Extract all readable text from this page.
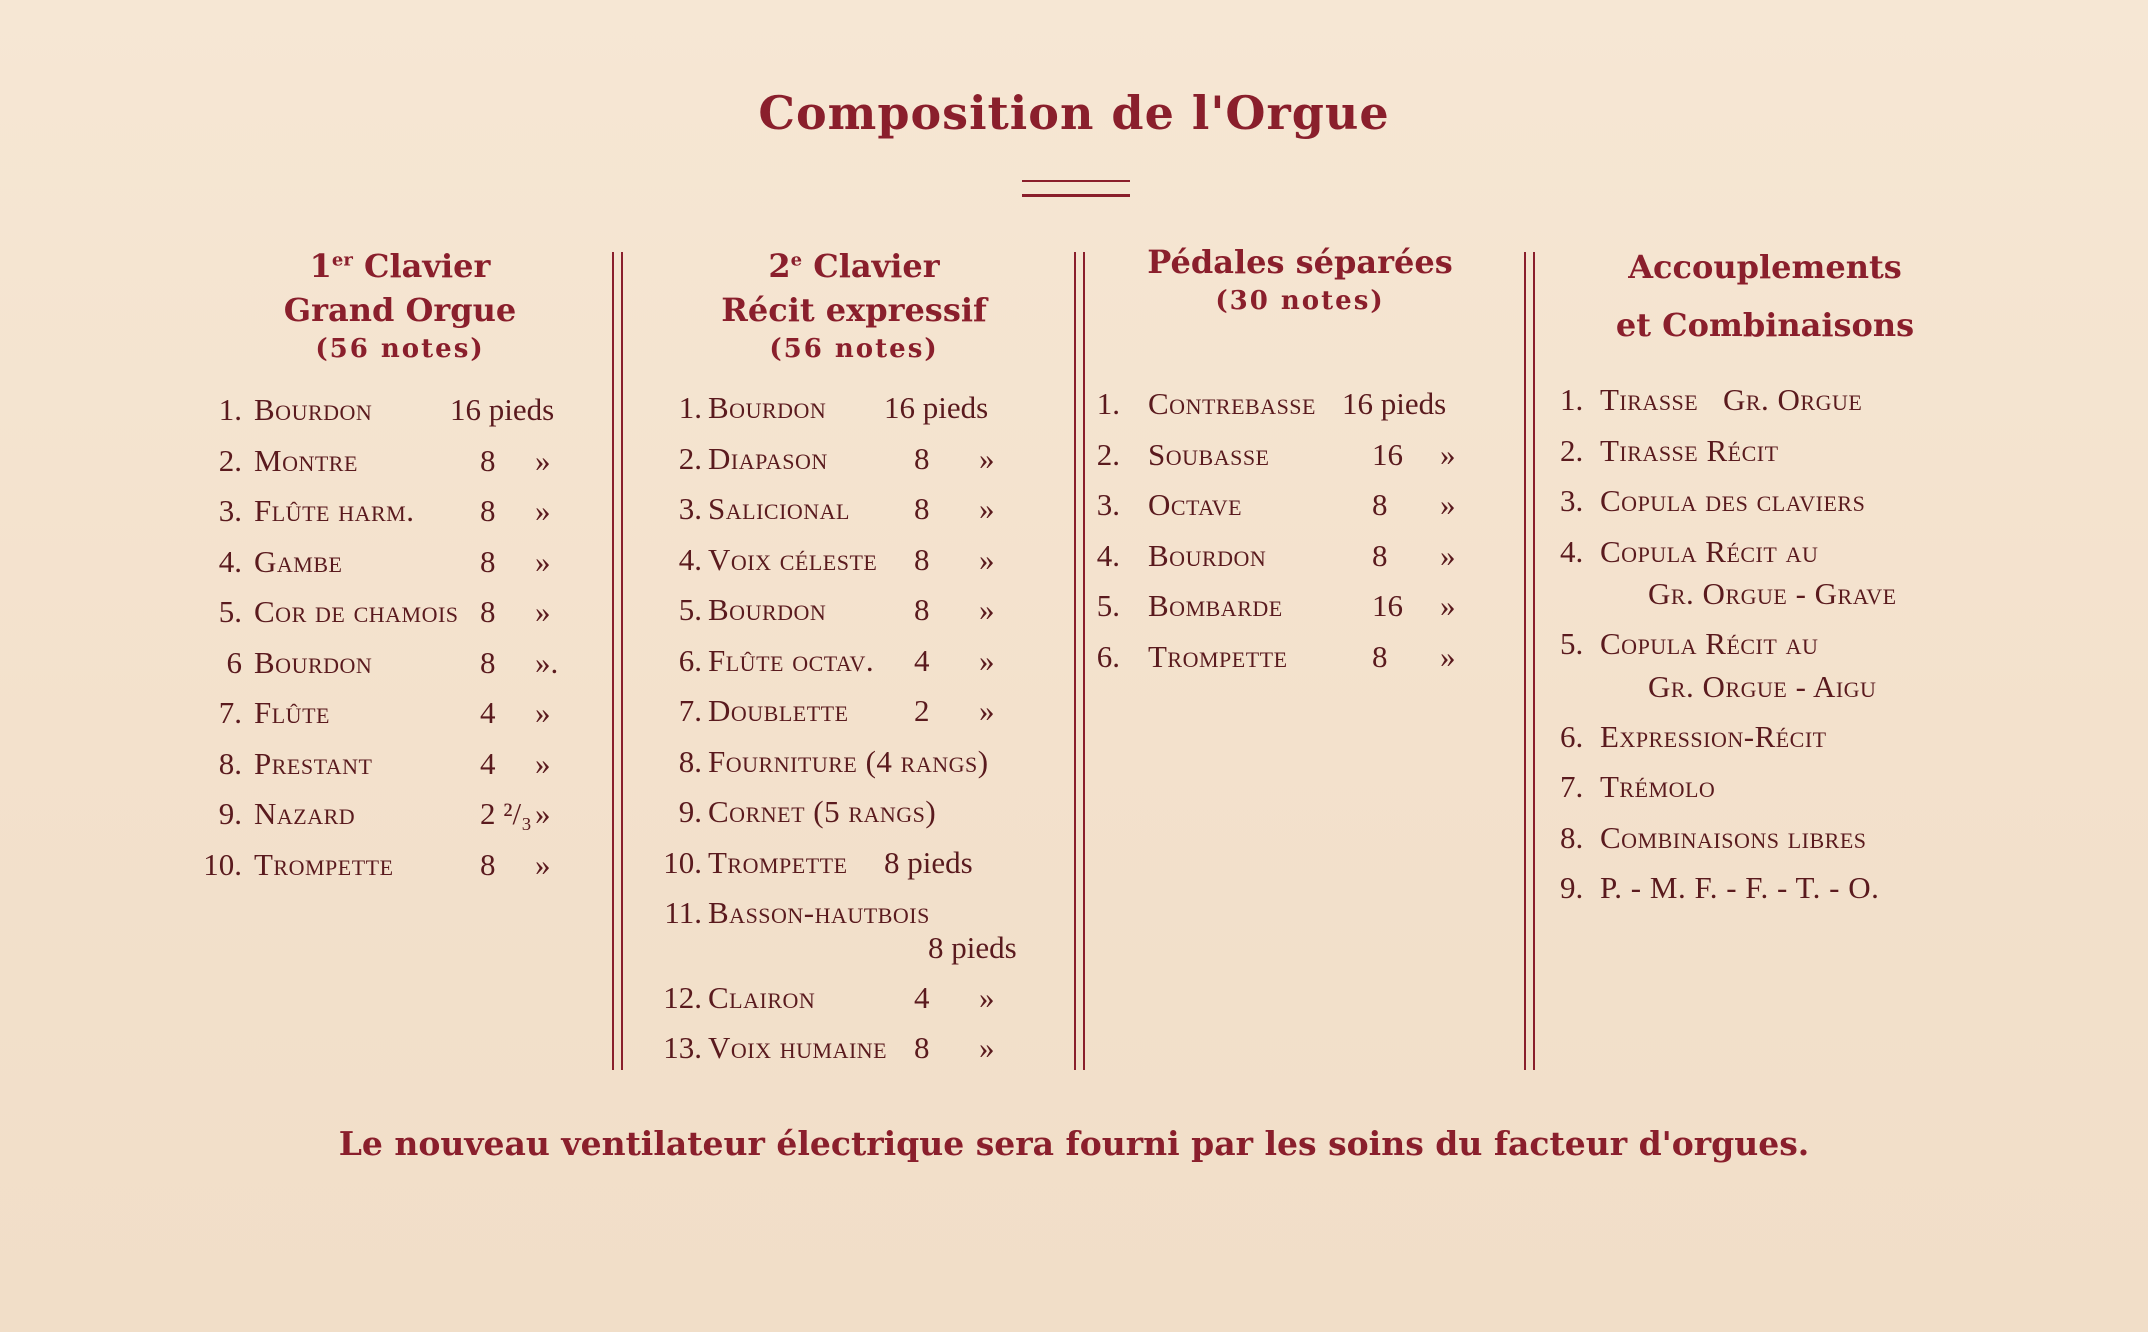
Composition de l'Orgue
1er Clavier
Grand Orgue
(56 notes)
1. Bourdon	16 pieds
2. Montre	8 »
3. Flûte harm. 8 »
4. Gambe	8 »
5. Cor de chamois 8 »
6 Bourdon	8 ».
7. Flûte	4 »
8. Prestant	4 »
9. Nazard	2 ²/₃ »
10. Trompette	8 »
2e Clavier
Récit expressif
(56 notes)
1. Bourdon 16 pieds
2. Diapason	8 »
3. Salicional 8 »
4. Voix céleste 8 »
5. Bourdon	8 »
6. Flûte octav. 4 »
7. Doublette 2 »
8. Fourniture (4 rangs)
9. Cornet (5 rangs)
10. Trompette 8 pieds
11. Basson-hautbois
8 pieds
12. Clairon	4 »
13. Voix humaine 8 »
Pédales séparées
(30 notes)
1. Contrebasse 16 pieds
2. Soubasse	16 »
3. Octave	8 »
4. Bourdon	8 »
5. Bombarde	16 »
6. Trompette	8 »
Accouplements
et Combinaisons
1. Tirasse   Gr. Orgue
2. Tirasse Récit
3. Copula des claviers
4. Copula Récit au
Gr. Orgue - Grave
5. Copula Récit au
Gr. Orgue - Aigu
6. Expression-Récit
7. Trémolo
8. Combinaisons libres
9. P. - M. F. - F. - T. - O.
Le nouveau ventilateur électrique sera fourni par les soins du facteur d'orgues.
